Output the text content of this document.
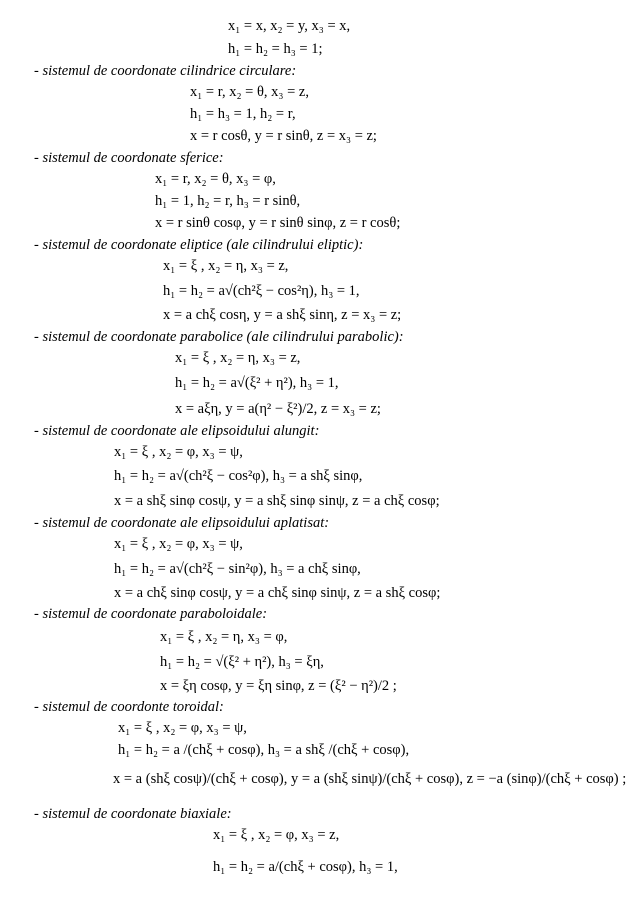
x₁ = x, x₂ = y, x₃ = x,
h₁ = h₂ = h₃ = 1;
- sistemul de coordonate cilindrice circulare:
x₁ = r, x₂ = θ, x₃ = z,
h₁ = h₃ = 1, h₂ = r,
x = r cosθ, y = r sinθ, z = x₃ = z;
- sistemul de coordonate sferice:
x₁ = r, x₂ = θ, x₃ = φ,
h₁ = 1, h₂ = r, h₃ = r sinθ,
x = r sinθ cosφ, y = r sinθ sinφ, z = r cosθ;
- sistemul de coordonate eliptice (ale cilindrului eliptic):
x₁ = ξ , x₂ = η, x₃ = z,
h₁ = h₂ = a√(ch²ξ − cos²η), h₃ = 1,
x = a chξ cosη, y = a shξ sinη, z = x₃ = z;
- sistemul de coordonate parabolice (ale cilindrului parabolic):
x₁ = ξ , x₂ = η, x₃ = z,
h₁ = h₂ = a√(ξ² + η²), h₃ = 1,
x = aξη, y = a(η² − ξ²)/2, z = x₃ = z;
- sistemul de coordonate ale elipsoidului alungit:
x₁ = ξ , x₂ = φ, x₃ = ψ,
h₁ = h₂ = a√(ch²ξ − cos²φ), h₃ = a shξ sinφ,
x = a shξ sinφ cosψ, y = a shξ sinφ sinψ, z = a chξ cosφ;
- sistemul de coordonate ale elipsoidului aplatisat:
x₁ = ξ , x₂ = φ, x₃ = ψ,
h₁ = h₂ = a√(ch²ξ − sin²φ), h₃ = a chξ sinφ,
x = a chξ sinφ cosψ, y = a chξ sinφ sinψ, z = a shξ cosφ;
- sistemul de coordonate paraboloidale:
x₁ = ξ , x₂ = η, x₃ = φ,
h₁ = h₂ = √(ξ² + η²), h₃ = ξη,
x = ξη cosφ, y = ξη sinφ, z = (ξ² − η²)/2 ;
- sistemul de coordonte toroidal:
x₁ = ξ , x₂ = φ, x₃ = ψ,
h₁ = h₂ = a /(chξ + cosφ), h₃ = a shξ /(chξ + cosφ),
x = a (shξ cosψ)/(chξ + cosφ), y = a (shξ sinψ)/(chξ + cosφ), z = −a (sinφ)/(chξ + cosφ) ;
- sistemul de coordonate biaxiale:
x₁ = ξ , x₂ = φ, x₃ = z,
h₁ = h₂ = a/(chξ + cosφ), h₃ = 1,
